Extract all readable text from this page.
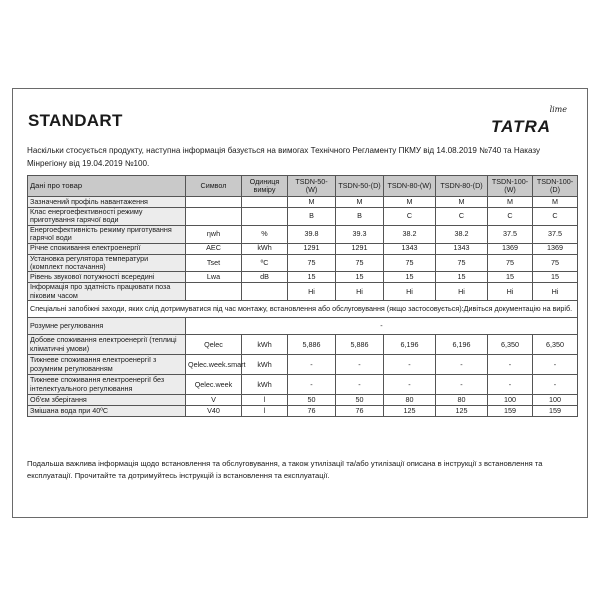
STANDART	TATRA
lime
Наскільки стосується продукту, наступна інформація базується на вимогах Технічного Регламенту ПКМУ від 14.08.2019 №740 та Наказу Мінрегіону від 19.04.2019 №100.
Дані про товар	Символ	Одиниця виміру	TSDN-50-(W)	TSDN-50-(D)	TSDN-80-(W)	TSDN-80-(D)	TSDN-100-(W)	TSDN-100-(D)
Зазначений профіль навантаження			M	M	M	M	M	M
Клас енергоефективності режиму приготування гарячої води			B	B	C	C	C	C
Енергоефективність режиму приготування гарячої води	ηwh	%	39.8	39.3	38.2	38.2	37.5	37.5
Річне споживання електроенергії	AEC	kWh	1291	1291	1343	1343	1369	1369
Установка регулятора температури (комплект постачання)	Tset	ºC	75	75	75	75	75	75
Рівень звукової потужності всередині	Lwa	dB	15	15	15	15	15	15
Інформація про здатність працювати поза піковим часом			Hi	Hi	Hi	Hi	Hi	Hi
Спеціальні запобіжні заходи, яких слід дотримуватися під час монтажу, встановлення або обслуговування (якщо застосовується):Дивіться документацію на виріб.								
Розумне регулювання	-							
Добове споживання електроенергії (теплиці кліматичні умови)	Qelec	kWh	5,886	5,886	6,196	6,196	6,350	6,350
Тижневе споживання електроенергії з розумним регулюванням	Qelec.week.smart	kWh	-	-	-	-	-	-
Тижневе споживання електроенергії без інтелектуального регулювання	Qelec.week	kWh	-	-	-	-	-	-
Об'єм зберігання	V	l	50	50	80	80	100	100
Змішана вода при 40ºC	V40	l	76	76	125	125	159	159
Подальша важлива інформація щодо встановлення та обслуговування, а також утилізації та/або утилізації описана в інструкції з встановлення та експлуатації. Прочитайте та дотримуйтесь інструкцій із встановлення та експлуатації.
